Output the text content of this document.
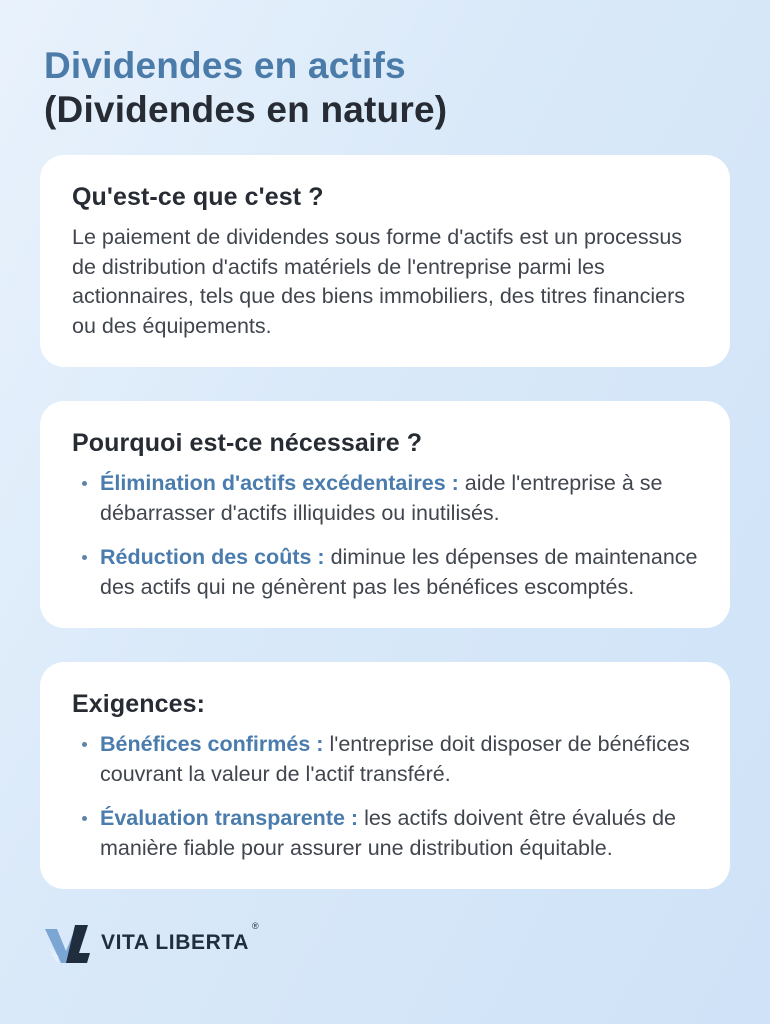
Dividendes en actifs
(Dividendes en nature)
Qu'est-ce que c'est ?

Le paiement de dividendes sous forme d'actifs est un processus de distribution d'actifs matériels de l'entreprise parmi les actionnaires, tels que des biens immobiliers, des titres financiers ou des équipements.

Pourquoi est-ce nécessaire ?

Élimination d'actifs excédentaires : aide l'entreprise à se débarrasser d'actifs illiquides ou inutilisés.

Réduction des coûts : diminue les dépenses de maintenance des actifs qui ne génèrent pas les bénéfices escomptés.

Exigences:

Bénéfices confirmés : l'entreprise doit disposer de bénéfices couvrant la valeur de l'actif transféré.

Évaluation transparente : les actifs doivent être évalués de manière fiable pour assurer une distribution équitable.

VITA LIBERTA
®
